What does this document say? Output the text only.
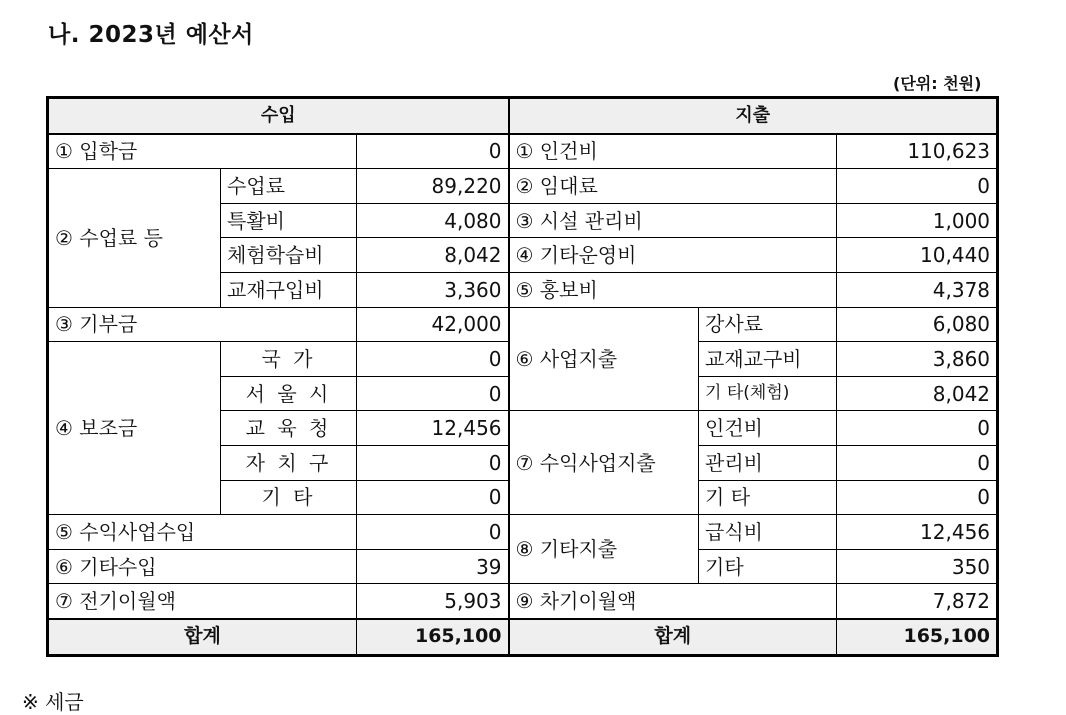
나. 2023년 예산서
(단위: 천원)
수입			지출		
① 입학금		0	① 인건비		110,623
② 수업료 등	수업료	89,220	② 임대료		0
	특활비	4,080	③ 시설 관리비		1,000
	체험학습비	8,042	④ 기타운영비		10,440
	교재구입비	3,360	⑤ 홍보비		4,378
③ 기부금		42,000	⑥ 사업지출	강사료	6,080
④ 보조금	국 가	0		교재교구비	3,860
	서 울 시	0		기 타(체험)	8,042
	교 육 청	12,456	⑦ 수익사업지출	인건비	0
	자 치 구	0		관리비	0
	기 타	0		기 타	0
⑤ 수익사업수입		0	⑧ 기타지출	급식비	12,456
⑥ 기타수입		39		기타	350
⑦ 전기이월액		5,903	⑨ 차기이월액		7,872
합계		165,100	합계		165,100
※ 세금
